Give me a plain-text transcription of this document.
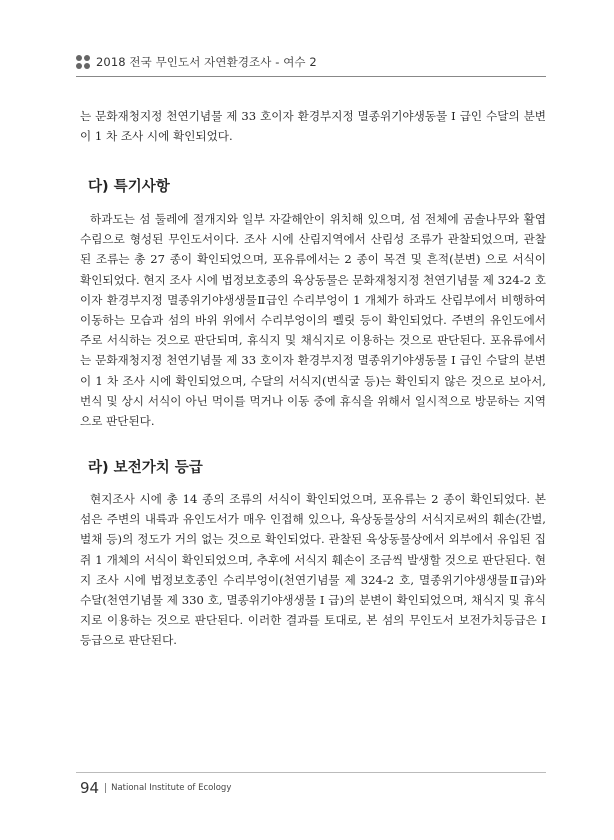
2018 전국 무인도서 자연환경조사 - 여수 2

는 문화재청지정 천연기념물 제 33 호이자 환경부지정 멸종위기야생동물 I 급인 수달의 분변이 1 차 조사 시에 확인되었다.

다) 특기사항

하과도는 섬 둘레에 절개지와 일부 자갈해안이 위치해 있으며, 섬 전체에 곰솔나무와 활엽수림으로 형성된 무인도서이다. 조사 시에 산림지역에서 산림성 조류가 관찰되었으며, 관찰된 조류는 총 27 종이 확인되었으며, 포유류에서는 2 종이 목견 및 흔적(분변) 으로 서식이 확인되었다. 현지 조사 시에 법정보호종의 육상동물은 문화재청지정 천연기념물 제 324-2 호이자 환경부지정 멸종위기야생생물Ⅱ급인 수리부엉이 1 개체가 하과도 산림부에서 비행하여 이동하는 모습과 섬의 바위 위에서 수리부엉이의 펠릿 등이 확인되었다. 주변의 유인도에서 주로 서식하는 것으로 판단되며, 휴식지 및 채식지로 이용하는 것으로 판단된다. 포유류에서는 문화재청지정 천연기념물 제 33 호이자 환경부지정 멸종위기야생동물 I 급인 수달의 분변이 1 차 조사 시에 확인되었으며, 수달의 서식지(번식굴 등)는 확인되지 않은 것으로 보아서, 번식 및 상시 서식이 아닌 먹이를 먹거나 이동 중에 휴식을 위해서 일시적으로 방문하는 지역으로 판단된다.

라) 보전가치 등급

현지조사 시에 총 14 종의 조류의 서식이 확인되었으며, 포유류는 2 종이 확인되었다. 본 섬은 주변의 내륙과 유인도서가 매우 인접해 있으나, 육상동물상의 서식지로써의 훼손(간벌, 벌채 등)의 정도가 거의 없는 것으로 확인되었다. 관찰된 육상동물상에서 외부에서 유입된 집쥐 1 개체의 서식이 확인되었으며, 추후에 서식지 훼손이 조금씩 발생할 것으로 판단된다. 현지 조사 시에 법정보호종인 수리부엉이(천연기념물 제 324-2 호, 멸종위기야생생물Ⅱ급)와 수달(천연기념물 제 330 호, 멸종위기야생생물 I 급)의 분변이 확인되었으며, 채식지 및 휴식지로 이용하는 것으로 판단된다. 이러한 결과를 토대로, 본 섬의 무인도서 보전가치등급은 Ⅰ 등급으로 판단된다.

94 National Institute of Ecology
